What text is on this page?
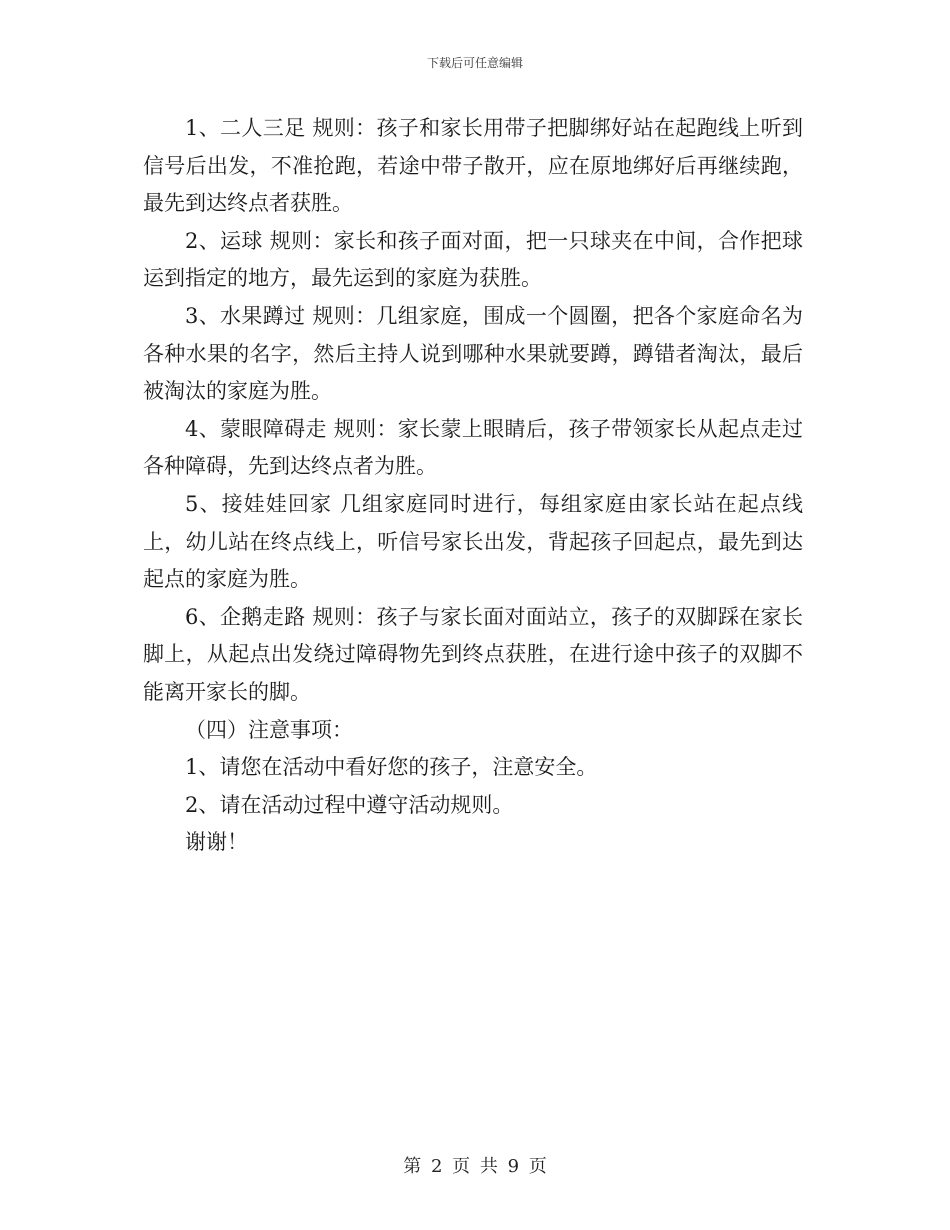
下载后可任意编辑

1、二人三足 规则：孩子和家长用带子把脚绑好站在起跑线上听到信号后出发，不准抢跑，若途中带子散开，应在原地绑好后再继续跑，最先到达终点者获胜。

2、运球 规则：家长和孩子面对面，把一只球夹在中间，合作把球运到指定的地方，最先运到的家庭为获胜。

3、水果蹲过 规则：几组家庭，围成一个圆圈，把各个家庭命名为各种水果的名字，然后主持人说到哪种水果就要蹲，蹲错者淘汰，最后被淘汰的家庭为胜。

4、蒙眼障碍走 规则：家长蒙上眼睛后，孩子带领家长从起点走过各种障碍，先到达终点者为胜。

5、接娃娃回家 几组家庭同时进行，每组家庭由家长站在起点线上，幼儿站在终点线上，听信号家长出发，背起孩子回起点，最先到达起点的家庭为胜。

6、企鹅走路 规则：孩子与家长面对面站立，孩子的双脚踩在家长脚上，从起点出发绕过障碍物先到终点获胜，在进行途中孩子的双脚不能离开家长的脚。

（四）注意事项：

1、请您在活动中看好您的孩子，注意安全。

2、请在活动过程中遵守活动规则。

谢谢！

第 2 页 共 9 页
